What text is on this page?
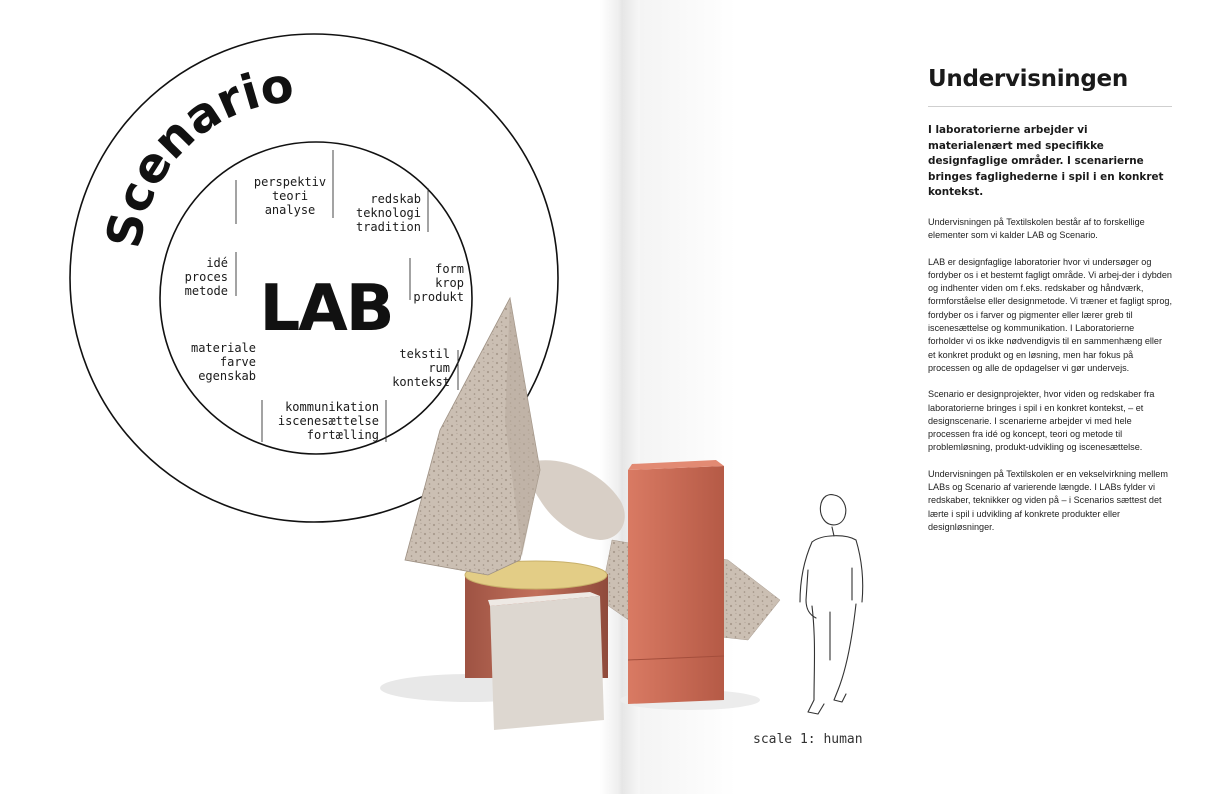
Scenario
LAB
perspektiv
teori
analyse
redskab
teknologi
tradition
form
krop
produkt
tekstil
rum
kontekst
kommunikation
iscenesættelse
fortælling
materiale
farve
egenskab
idé
proces
metode
scale 1: human
Undervisningen

I laboratorierne arbejder vi materialenært med specifikke designfaglige områder. I scenarierne bringes faglighederne i spil i en konkret kontekst.

Undervisningen på Textilskolen består af to forskellige elementer som vi kalder LAB og Scenario.

LAB er designfaglige laboratorier hvor vi undersøger og fordyber os i et bestemt fagligt område. Vi arbej-der i dybden og indhenter viden om f.eks. redskaber og håndværk, formforståelse eller designmetode. Vi træner et fagligt sprog, fordyber os i farver og pigmenter eller lærer greb til iscenesættelse og kommunikation. I Laboratorierne forholder vi os ikke nødvendigvis til en sammenhæng eller et konkret produkt og en løsning, men har fokus på processen og alle de opdagelser vi gør undervejs.

Scenario er designprojekter, hvor viden og redskaber fra laboratorierne bringes i spil i en konkret kontekst, – et designscenarie. I scenarierne arbejder vi med hele processen fra idé og koncept, teori og metode til problemløsning, produkt-udvikling og iscenesættelse.

Undervisningen på Textilskolen er en vekselvirkning mellem LABs og Scenario af varierende længde. I LABs fylder vi redskaber, teknikker og viden på – i Scenarios sættest det lærte i spil i udvikling af konkrete produkter eller designløsninger.
